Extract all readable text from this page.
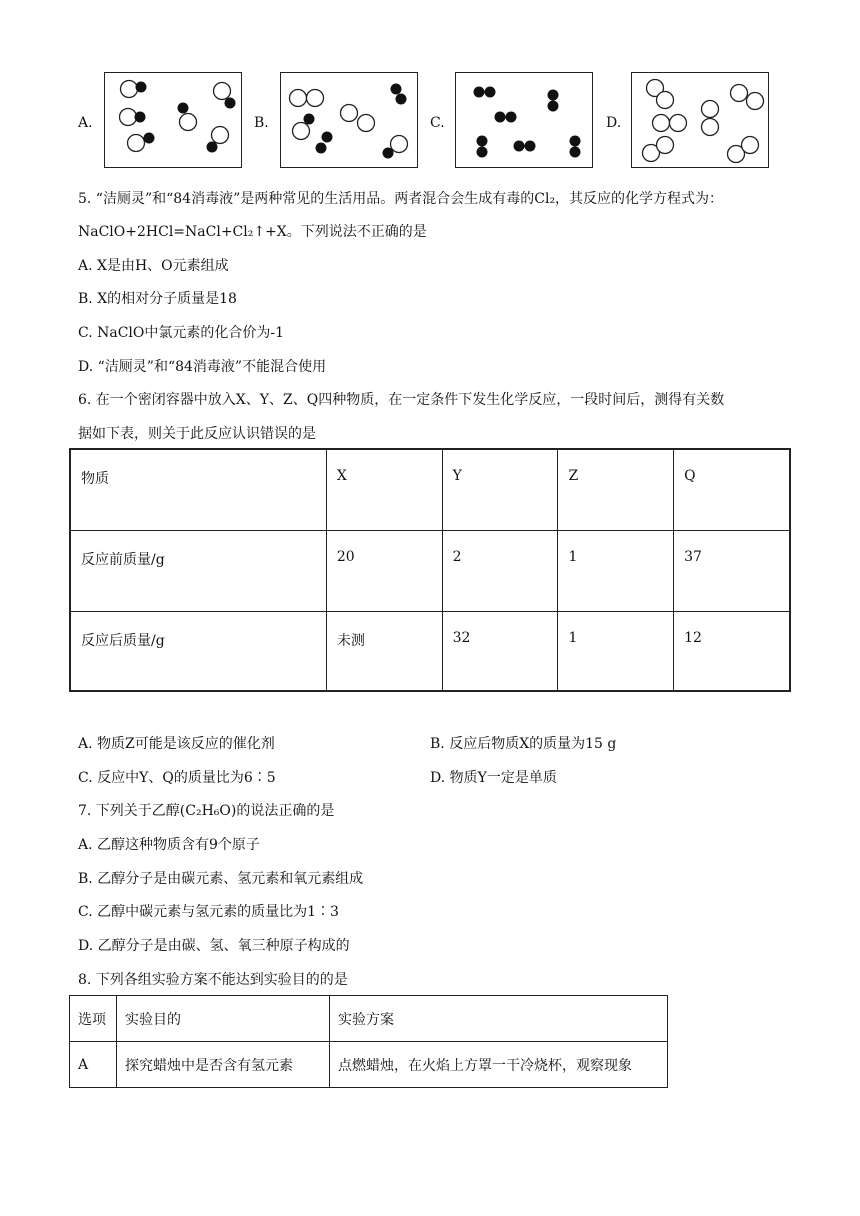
A.	B.	C.	D.
5. “洁厕灵”和“84消毒液”是两种常见的生活用品。两者混合会生成有毒的Cl₂，其反应的化学方程式为：
NaClO+2HCl=NaCl+Cl₂↑+X。下列说法不正确的是
A. X是由H、O元素组成
B. X的相对分子质量是18
C. NaClO中氯元素的化合价为-1
D. “洁厕灵”和“84消毒液”不能混合使用
6. 在一个密闭容器中放入X、Y、Z、Q四种物质，在一定条件下发生化学反应，一段时间后，测得有关数
据如下表，则关于此反应认识错误的是
物质	X	Y	Z	Q
反应前质量/g	20	2	1	37
反应后质量/g	未测	32	1	12
A. 物质Z可能是该反应的催化剂	B. 反应后物质X的质量为15 g
C. 反应中Y、Q的质量比为6∶5	D. 物质Y一定是单质
7. 下列关于乙醇(C₂H₆O)的说法正确的是
A. 乙醇这种物质含有9个原子
B. 乙醇分子是由碳元素、氢元素和氧元素组成
C. 乙醇中碳元素与氢元素的质量比为1∶3
D. 乙醇分子是由碳、氢、氧三种原子构成的
8. 下列各组实验方案不能达到实验目的的是
选项	实验目的	实验方案
A	探究蜡烛中是否含有氢元素	点燃蜡烛，在火焰上方罩一干冷烧杯，观察现象
